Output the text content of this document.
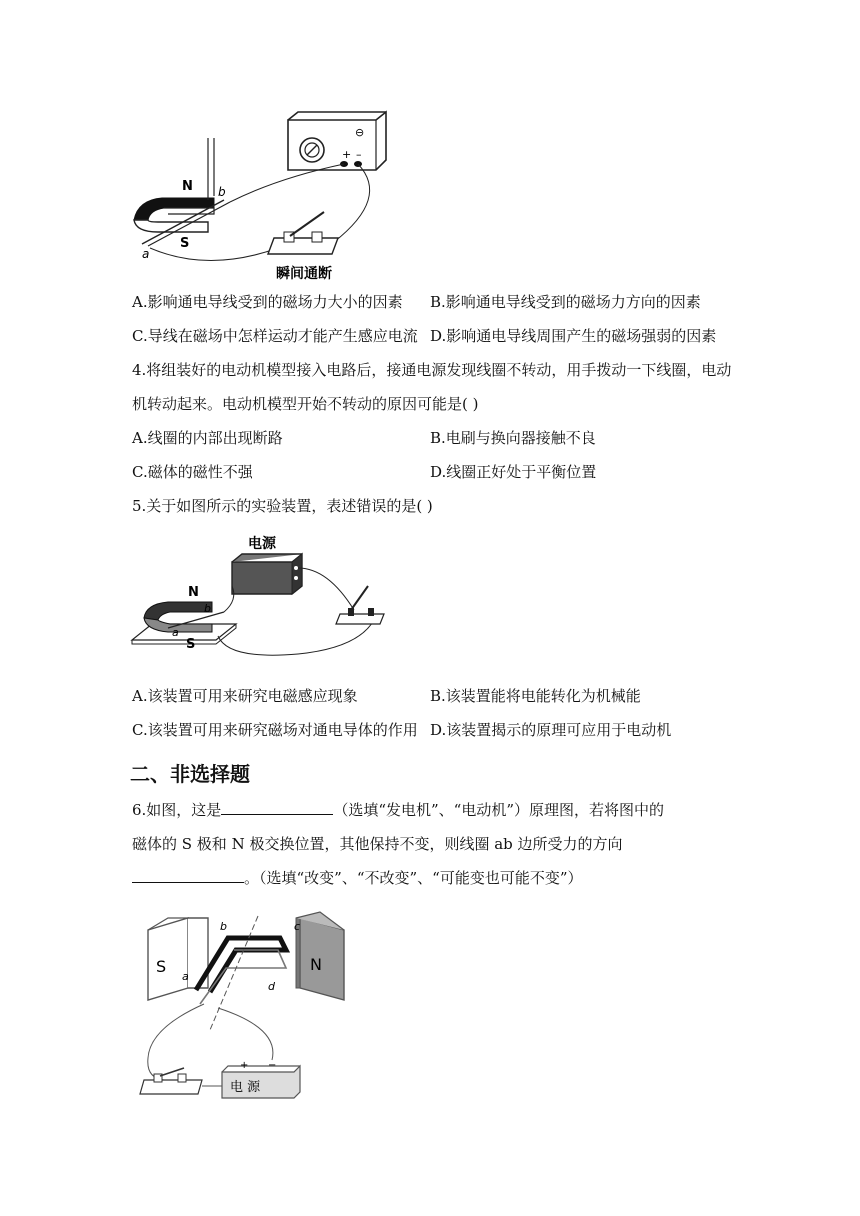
⊖
+ –
N
S
b
a
瞬间通断
A.影响通电导线受到的磁场力大小的因素 B.影响通电导线受到的磁场力方向的因素
C.导线在磁场中怎样运动才能产生感应电流 D.影响通电导线周围产生的磁场强弱的因素
4.将组装好的电动机模型接入电路后，接通电源发现线圈不转动，用手拨动一下线圈，电动
机转动起来。电动机模型开始不转动的原因可能是( )
A.线圈的内部出现断路	B.电刷与换向器接触不良
C.磁体的磁性不强	D.线圈正好处于平衡位置
5.关于如图所示的实验装置，表述错误的是( )
电源
N
S
b
a
A.该装置可用来研究电磁感应现象	B.该装置能将电能转化为机械能
C.该装置可用来研究磁场对通电导体的作用 D.该装置揭示的原理可应用于电动机
二、非选择题
6.如图，这是	（选填“发电机”、“电动机”）原理图，若将图中的
磁体的 S 极和 N 极交换位置，其他保持不变，则线圈 ab 边所受力的方向
。（选填“改变”、“不改变”、“可能变也可能不变”）
S	N
b	c
a
d
+ −
电 源
